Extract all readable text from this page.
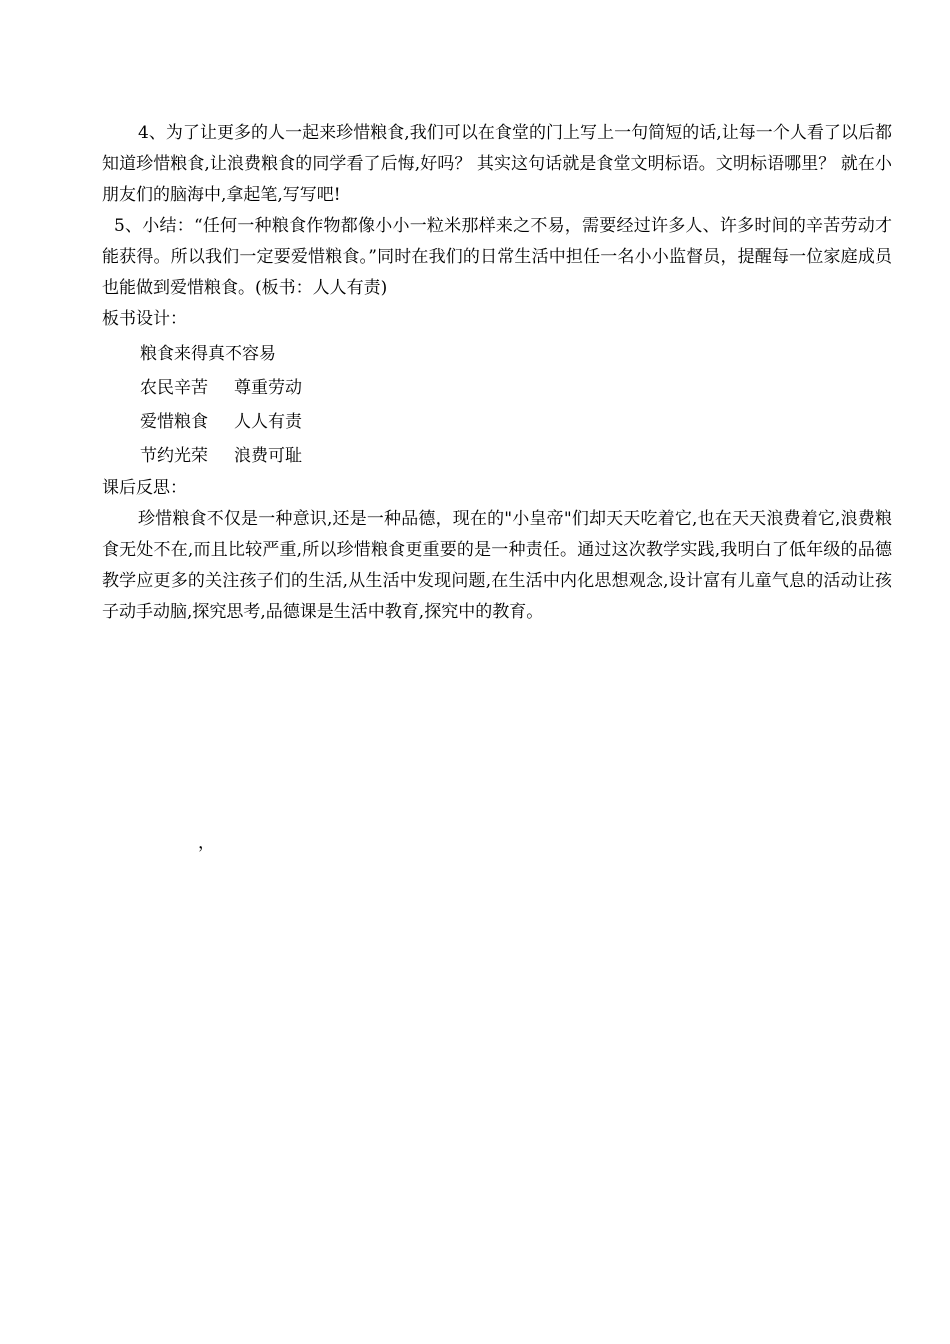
4、为了让更多的人一起来珍惜粮食,我们可以在食堂的门上写上一句简短的话,让每一个人看了以后都知道珍惜粮食,让浪费粮食的同学看了后悔,好吗？ 其实这句话就是食堂文明标语。文明标语哪里？ 就在小朋友们的脑海中,拿起笔,写写吧!

5、小结：“任何一种粮食作物都像小小一粒米那样来之不易，需要经过许多人、许多时间的辛苦劳动才能获得。所以我们一定要爱惜粮食。”同时在我们的日常生活中担任一名小小监督员，提醒每一位家庭成员也能做到爱惜粮食。(板书：人人有责)

板书设计：

粮食来得真不容易
农民辛苦 尊重劳动
爱惜粮食 人人有责
节约光荣 浪费可耻

课后反思：

珍惜粮食不仅是一种意识,还是一种品德，现在的"小皇帝"们却天天吃着它,也在天天浪费着它,浪费粮食无处不在,而且比较严重,所以珍惜粮食更重要的是一种责任。通过这次教学实践,我明白了低年级的品德教学应更多的关注孩子们的生活,从生活中发现问题,在生活中内化思想观念,设计富有儿童气息的活动让孩子动手动脑,探究思考,品德课是生活中教育,探究中的教育。

，
